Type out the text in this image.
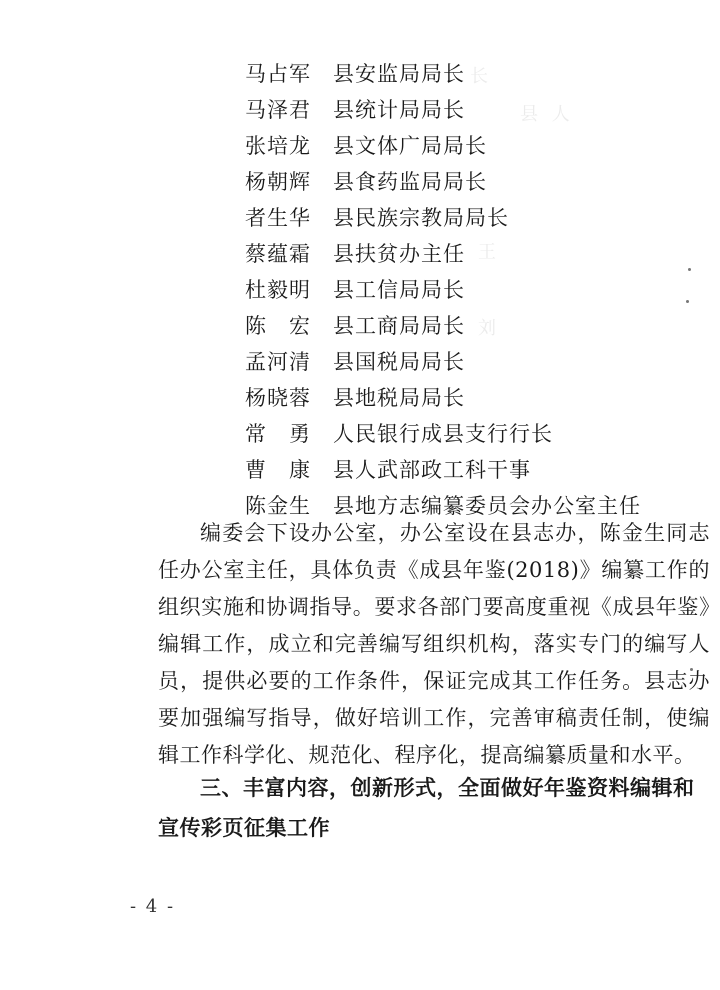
长
县 人
王
刘
马占军	县安监局局长
马泽君	县统计局局长
张培龙	县文体广局局长
杨朝辉	县食药监局局长
者生华	县民族宗教局局长
蔡蕴霜	县扶贫办主任
杜毅明	县工信局局长
陈　宏	县工商局局长
孟河清	县国税局局长
杨晓蓉	县地税局局长
常　勇	人民银行成县支行行长
曹　康	县人武部政工科干事
陈金生	县地方志编纂委员会办公室主任

编委会下设办公室，办公室设在县志办，陈金生同志任办公室主任，具体负责《成县年鉴(2018)》编纂工作的组织实施和协调指导。要求各部门要高度重视《成县年鉴》编辑工作，成立和完善编写组织机构，落实专门的编写人员，提供必要的工作条件，保证完成其工作任务。县志办要加强编写指导，做好培训工作，完善审稿责任制，使编辑工作科学化、规范化、程序化，提高编纂质量和水平。

三、丰富内容，创新形式，全面做好年鉴资料编辑和宣传彩页征集工作
- 4 -
